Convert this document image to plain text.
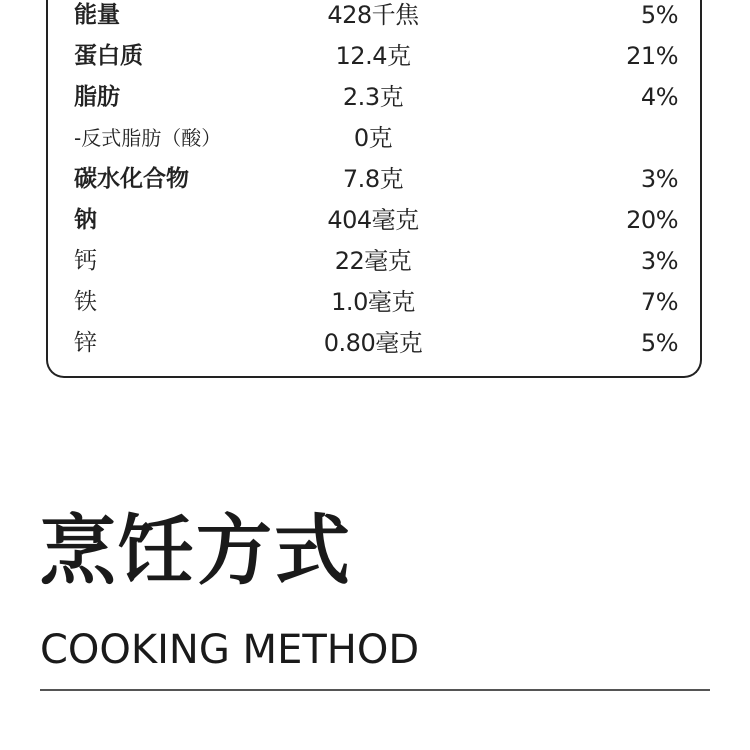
能量	428千焦	5%
蛋白质	12.4克	21%
脂肪	2.3克	4%
-反式脂肪（酸）	0克
碳水化合物	7.8克	3%
钠	404毫克	20%
钙	22毫克	3%
铁	1.0毫克	7%
锌	0.80毫克	5%
烹饪方式
COOKING METHOD
